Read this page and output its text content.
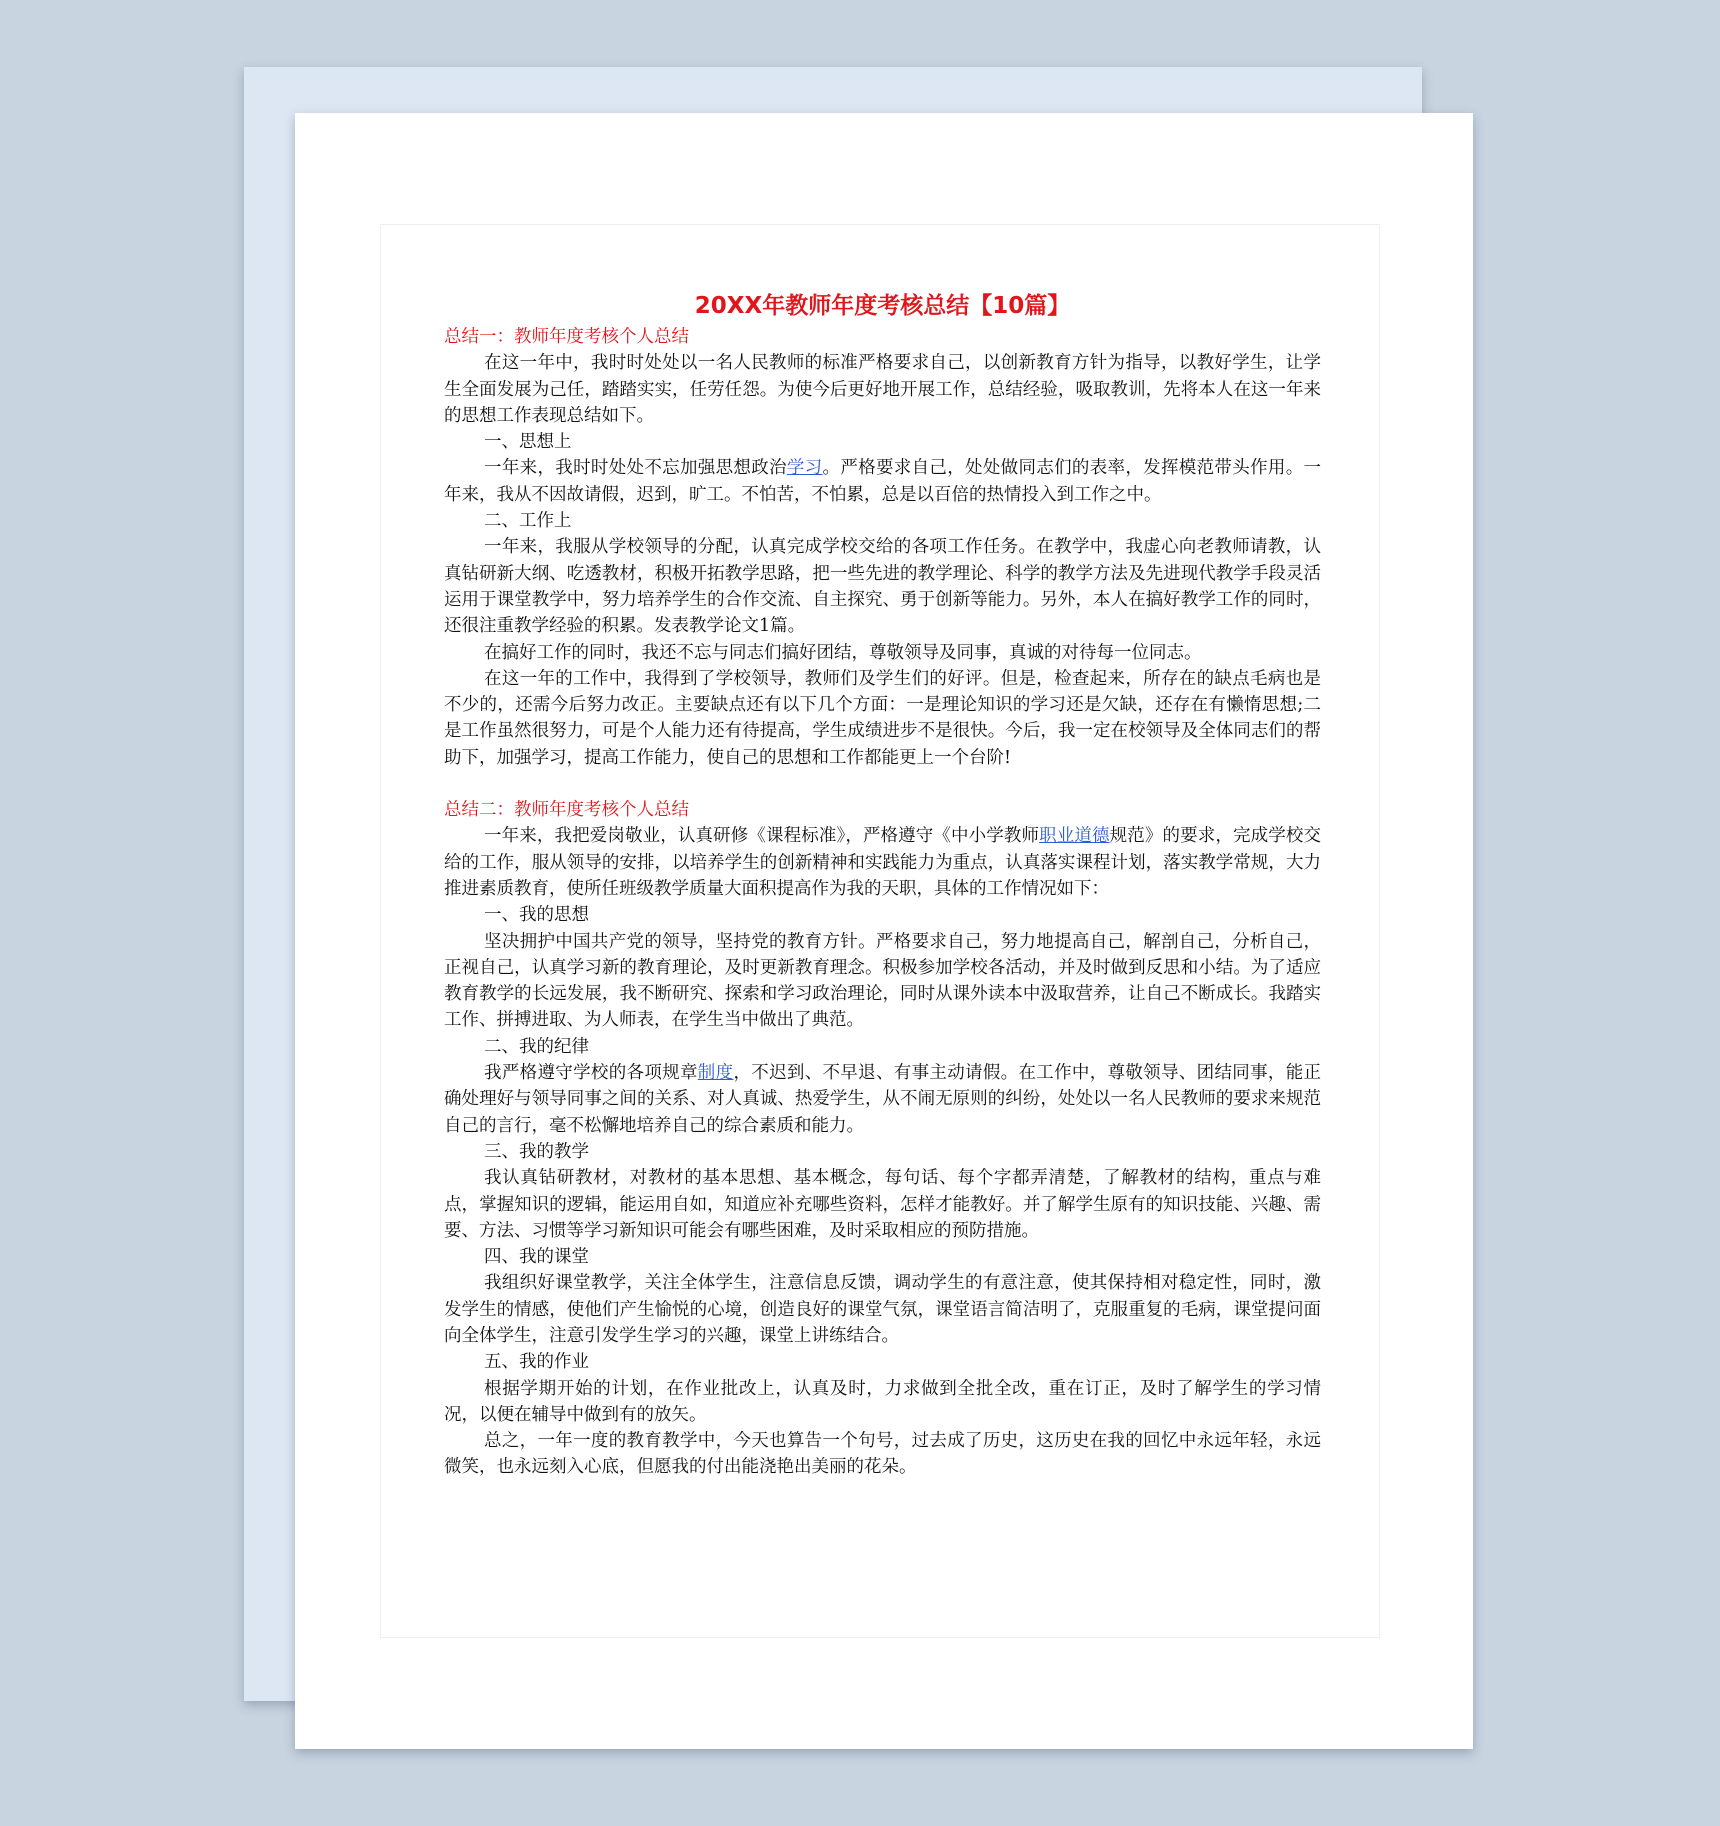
20XX年教师年度考核总结【10篇】

总结一：教师年度考核个人总结

在这一年中，我时时处处以一名人民教师的标准严格要求自己，以创新教育方针为指导，以教好学生，让学生全面发展为己任，踏踏实实，任劳任怨。为使今后更好地开展工作，总结经验，吸取教训，先将本人在这一年来的思想工作表现总结如下。

一、思想上

一年来，我时时处处不忘加强思想政治学习。严格要求自己，处处做同志们的表率，发挥模范带头作用。一年来，我从不因故请假，迟到，旷工。不怕苦，不怕累，总是以百倍的热情投入到工作之中。

二、工作上

一年来，我服从学校领导的分配，认真完成学校交给的各项工作任务。在教学中，我虚心向老教师请教，认真钻研新大纲、吃透教材，积极开拓教学思路，把一些先进的教学理论、科学的教学方法及先进现代教学手段灵活运用于课堂教学中，努力培养学生的合作交流、自主探究、勇于创新等能力。另外，本人在搞好教学工作的同时，还很注重教学经验的积累。发表教学论文1篇。

在搞好工作的同时，我还不忘与同志们搞好团结，尊敬领导及同事，真诚的对待每一位同志。

在这一年的工作中，我得到了学校领导，教师们及学生们的好评。但是，检查起来，所存在的缺点毛病也是不少的，还需今后努力改正。主要缺点还有以下几个方面：一是理论知识的学习还是欠缺，还存在有懒惰思想;二是工作虽然很努力，可是个人能力还有待提高，学生成绩进步不是很快。今后，我一定在校领导及全体同志们的帮助下，加强学习，提高工作能力，使自己的思想和工作都能更上一个台阶!

总结二：教师年度考核个人总结

一年来，我把爱岗敬业，认真研修《课程标准》，严格遵守《中小学教师职业道德规范》的要求，完成学校交给的工作，服从领导的安排，以培养学生的创新精神和实践能力为重点，认真落实课程计划，落实教学常规，大力推进素质教育，使所任班级教学质量大面积提高作为我的天职，具体的工作情况如下：

一、我的思想

坚决拥护中国共产党的领导，坚持党的教育方针。严格要求自己，努力地提高自己，解剖自己，分析自己，正视自己，认真学习新的教育理论，及时更新教育理念。积极参加学校各活动，并及时做到反思和小结。为了适应教育教学的长远发展，我不断研究、探索和学习政治理论，同时从课外读本中汲取营养，让自己不断成长。我踏实工作、拼搏进取、为人师表，在学生当中做出了典范。

二、我的纪律

我严格遵守学校的各项规章制度，不迟到、不早退、有事主动请假。在工作中，尊敬领导、团结同事，能正确处理好与领导同事之间的关系、对人真诚、热爱学生，从不闹无原则的纠纷，处处以一名人民教师的要求来规范自己的言行，毫不松懈地培养自己的综合素质和能力。

三、我的教学

我认真钻研教材，对教材的基本思想、基本概念，每句话、每个字都弄清楚，了解教材的结构，重点与难点，掌握知识的逻辑，能运用自如，知道应补充哪些资料，怎样才能教好。并了解学生原有的知识技能、兴趣、需要、方法、习惯等学习新知识可能会有哪些困难，及时采取相应的预防措施。

四、我的课堂

我组织好课堂教学，关注全体学生，注意信息反馈，调动学生的有意注意，使其保持相对稳定性，同时，激发学生的情感，使他们产生愉悦的心境，创造良好的课堂气氛，课堂语言简洁明了，克服重复的毛病，课堂提问面向全体学生，注意引发学生学习的兴趣，课堂上讲练结合。

五、我的作业

根据学期开始的计划，在作业批改上，认真及时，力求做到全批全改，重在订正，及时了解学生的学习情况，以便在辅导中做到有的放矢。

总之，一年一度的教育教学中，今天也算告一个句号，过去成了历史，这历史在我的回忆中永远年轻，永远微笑，也永远刻入心底，但愿我的付出能浇艳出美丽的花朵。
